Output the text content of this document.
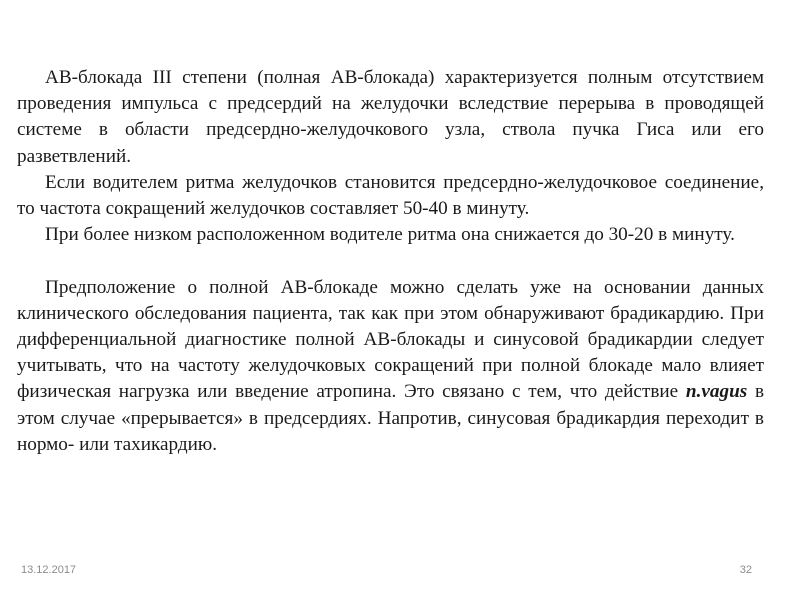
АВ-блокада III степени (полная АВ-блокада) характеризуется полным отсутствием проведения импульса с предсердий на желудочки вследствие перерыва в проводящей системе в области предсердно-желудочкового узла, ствола пучка Гиса или его разветвлений.

Если водителем ритма желудочков становится предсердно-желудочковое соединение, то частота сокращений желудочков составляет 50-40 в минуту.

При более низком расположенном водителе ритма она снижается до 30-20 в минуту.

Предположение о полной АВ-блокаде можно сделать уже на основании данных клинического обследования пациента, так как при этом обнаруживают брадикардию. При дифференциальной диагностике полной АВ-блокады и синусовой брадикардии следует учитывать, что на частоту желудочковых сокращений при полной блокаде мало влияет физическая нагрузка или введение атропина. Это связано с тем, что действие n.vagus в этом случае «прерывается» в предсердиях. Напротив, синусовая брадикардия переходит в нормо- или тахикардию.

13.12.2017	32
